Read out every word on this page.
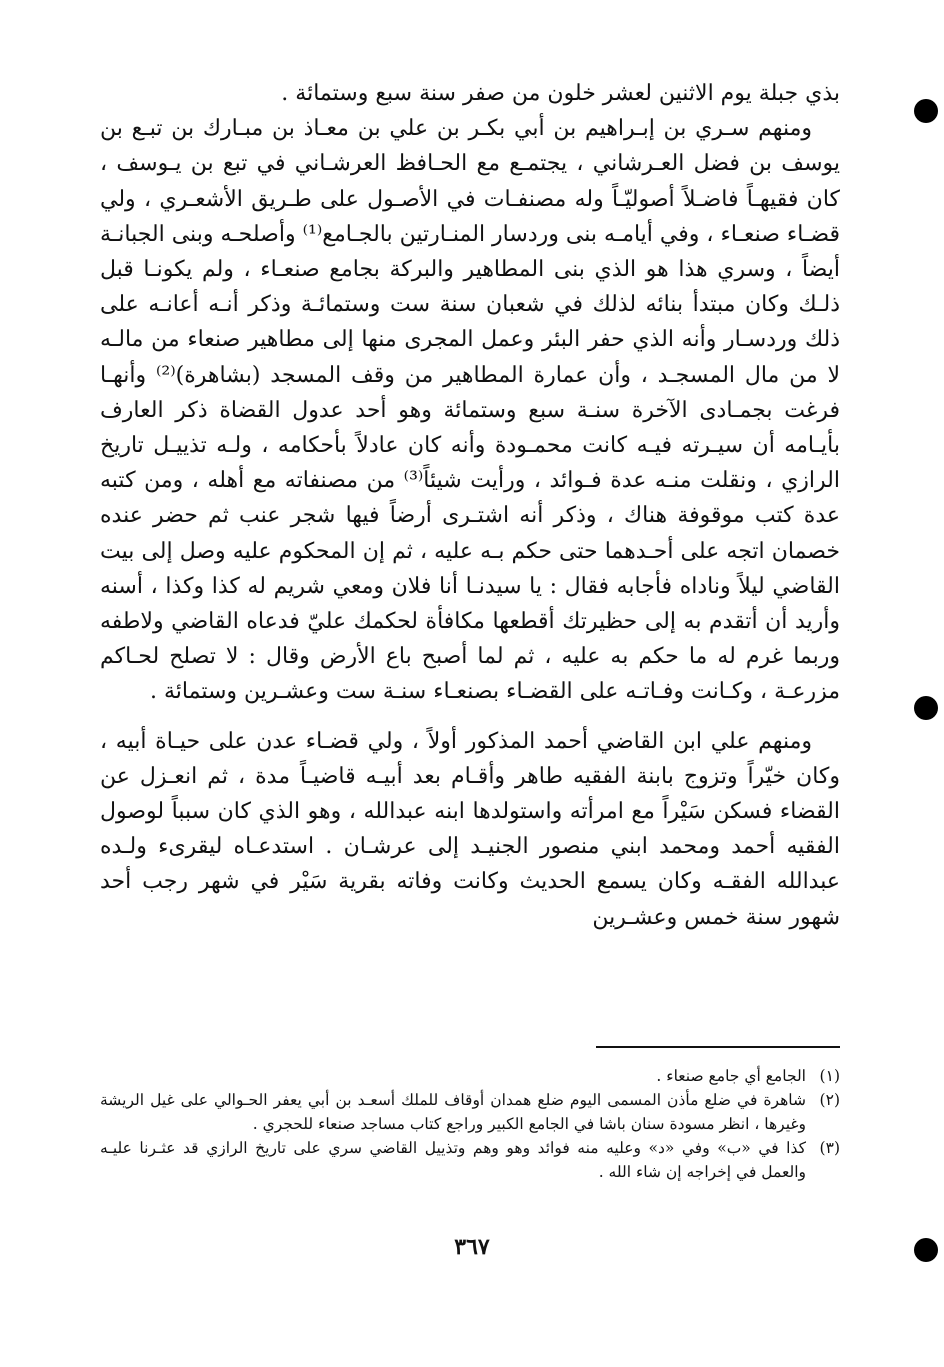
بذي جبلة يوم الاثنين لعشر خلون من صفر سنة سبع وستمائة .

ومنهم سـري بن إبـراهيم بن أبي بكـر بن علي بن معـاذ بن مبـارك بن تبـع بن يوسف بن فضل العـرشاني ، يجتمـع مع الحـافظ العرشـاني في تبع بن يـوسف ، كان فقيهـاً فاضـلاً أصوليّـاً وله مصنفـات في الأصـول على طـريق الأشعـري ، ولي قضـاء صنعـاء ، وفي أيامـه بنى وردسار المنـارتين بالجـامع⁽¹⁾ وأصلحـه وبنى الجبانـة أيضاً ، وسري هذا هو الذي بنى المطاهير والبركة بجامع صنعـاء ، ولم يكونـا قبل ذلـك وكان مبتدأ بنائه لذلك في شعبان سنة ست وستمائـة وذكر أنـه أعانـه على ذلك وردسـار وأنه الذي حفر البئر وعمل المجرى منها إلى مطاهير صنعاء من مالـه لا من مال المسجـد ، وأن عمارة المطاهير من وقف المسجد (بشاهرة)⁽²⁾ وأنهـا فرغت بجمـادى الآخرة سنـة سبع وستمائة وهو أحد عدول القضاة ذكر العارف بأيـامه أن سيـرته فيـه كانت محمـودة وأنه كان عادلاً بأحكامه ، ولـه تذييـل تاريخ الرازي ، ونقلت منـه عدة فـوائد ، ورأيت شيئاً⁽³⁾ من مصنفاته مع أهله ، ومن كتبه عدة كتب موقوفة هناك ، وذكر أنه اشتـرى أرضاً فيها شجر عنب ثم حضر عنده خصمان اتجه على أحـدهما حتى حكم بـه عليه ، ثم إن المحكوم عليه وصل إلى بيت القاضي ليلاً وناداه فأجابه فقال : يا سيدنـا أنا فلان ومعي شريم له كذا وكذا ، أسنه وأريد أن أتقدم به إلى حظيرتك أقطعها مكافأة لحكمك عليّ فدعاه القاضي ولاطفه وربما غرم له ما حكم به عليه ، ثم لما أصبح باع الأرض وقال : لا تصلح لحـاكم مزرعـة ، وكـانت وفـاتـه على القضـاء بصنعـاء سنـة ست وعشـرين وستمائة .

ومنهم علي ابن القاضي أحمد المذكور أولاً ، ولي قضـاء عدن على حيـاة أبيه ، وكان خيّراً وتزوج بابنة الفقيه طاهر وأقـام بعد أبيـه قاضيـاً مدة ، ثم انعـزل عن القضاء فسكن سَيْراً مع امرأته واستولدها ابنه عبدالله ، وهو الذي كان سبباً لوصول الفقيه أحمد ومحمد ابني منصور الجنيـد إلى عرشـان . استدعـاه ليقرىء ولـده عبدالله الفقـه وكان يسمع الحديث وكانت وفاته بقرية سَيْر في شهر رجب أحد شهور سنة خمس وعشـرين

(١)
الجامع أي جامع صنعاء .
(٢)
شاهرة في ضلع مأذن المسمى اليوم ضلع همدان أوقاف للملك أسعـد بن أبي يعفر الحـوالي على غيل الريشة وغيرها ، انظر مسودة سنان باشا في الجامع الكبير وراجع كتاب مساجد صنعاء للحجري .
(٣)
كذا في «ب» وفي «د» وعليه منه فوائد وهو وهم وتذييل القاضي سري على تاريخ الرازي قد عثـرنا عليـه والعمل في إخراجه إن شاء الله .
٣٦٧
